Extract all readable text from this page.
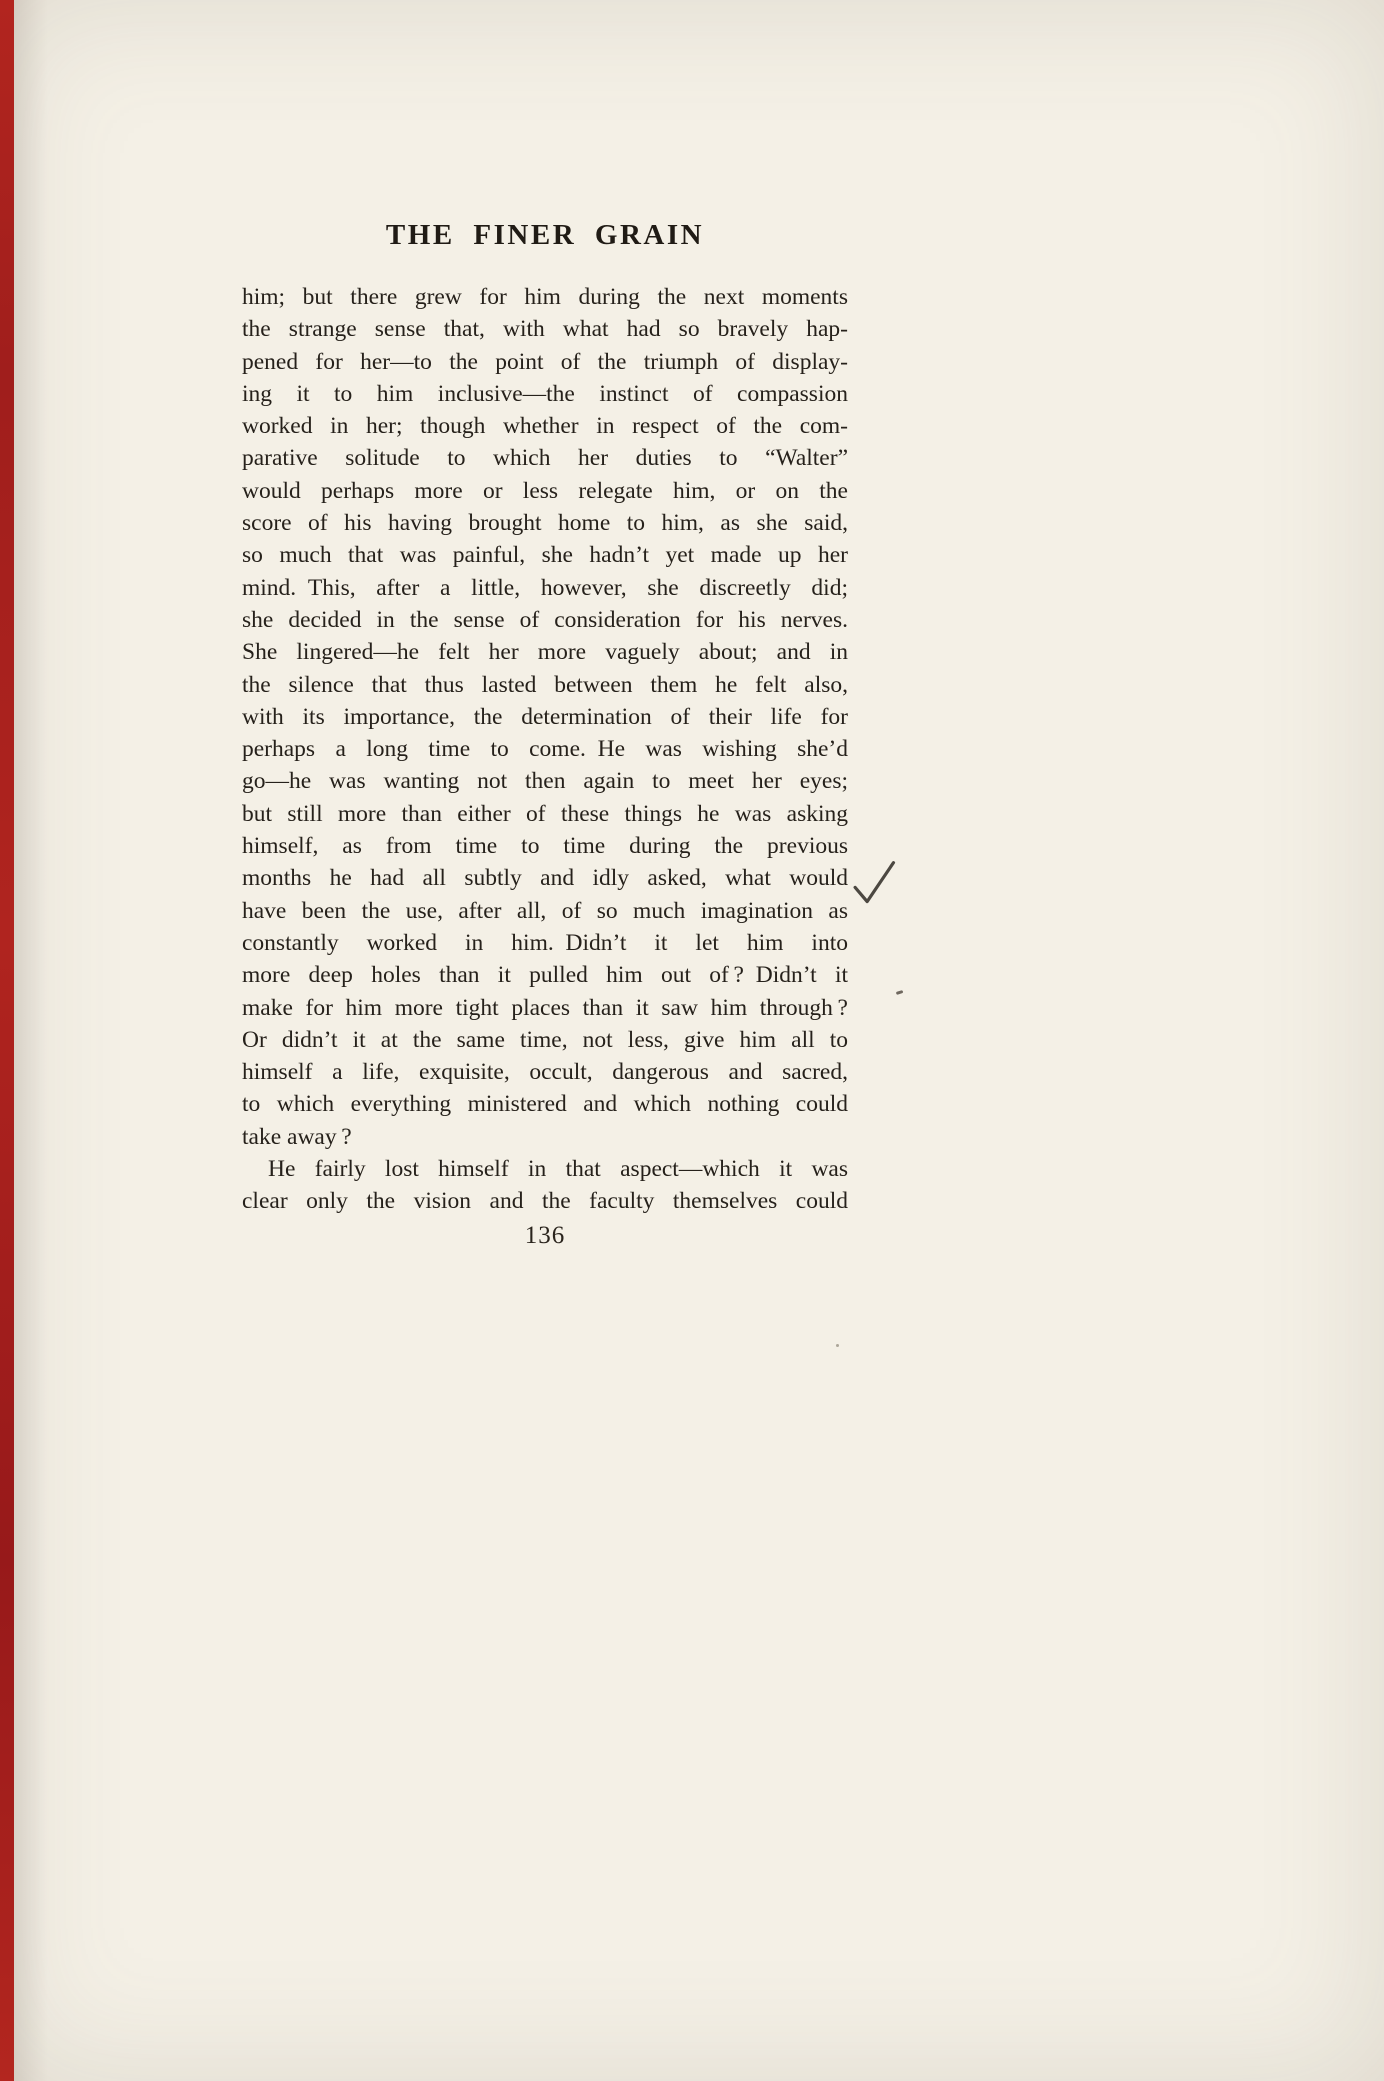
THE FINER GRAIN
him; but there grew for him during the next moments
the strange sense that, with what had so bravely hap-
pened for her—to the point of the triumph of display-
ing it to him inclusive—the instinct of compassion
worked in her; though whether in respect of the com-
parative solitude to which her duties to “Walter”
would perhaps more or less relegate him, or on the
score of his having brought home to him, as she said,
so much that was painful, she hadn’t yet made up her
mind. This, after a little, however, she discreetly did;
she decided in the sense of consideration for his nerves.
She lingered—he felt her more vaguely about; and in
the silence that thus lasted between them he felt also,
with its importance, the determination of their life for
perhaps a long time to come. He was wishing she’d
go—he was wanting not then again to meet her eyes;
but still more than either of these things he was asking
himself, as from time to time during the previous
months he had all subtly and idly asked, what would
have been the use, after all, of so much imagination as
constantly worked in him. Didn’t it let him into
more deep holes than it pulled him out of ? Didn’t it
make for him more tight places than it saw him through ?
Or didn’t it at the same time, not less, give him all to
himself a life, exquisite, occult, dangerous and sacred,
to which everything ministered and which nothing could
take away ?
He fairly lost himself in that aspect—which it was
clear only the vision and the faculty themselves could
136
